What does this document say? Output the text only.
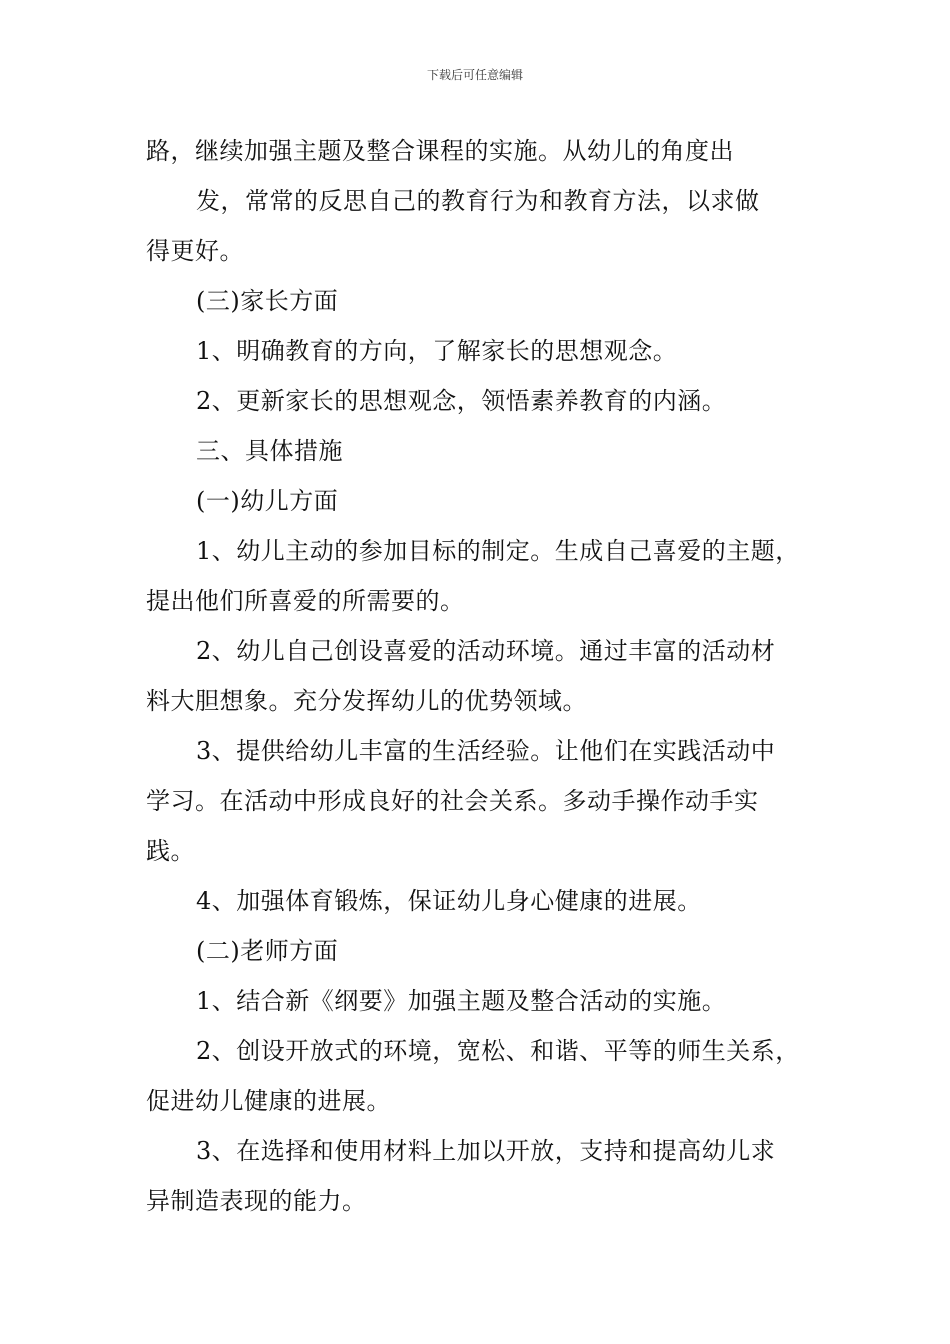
下载后可任意编辑
路，继续加强主题及整合课程的实施。从幼儿的角度出
发，常常的反思自己的教育行为和教育方法，以求做
得更好。
(三)家长方面
1、明确教育的方向，了解家长的思想观念。
2、更新家长的思想观念，领悟素养教育的内涵。
三、具体措施
(一)幼儿方面
1、幼儿主动的参加目标的制定。生成自己喜爱的主题，
提出他们所喜爱的所需要的。
2、幼儿自己创设喜爱的活动环境。通过丰富的活动材
料大胆想象。充分发挥幼儿的优势领域。
3、提供给幼儿丰富的生活经验。让他们在实践活动中
学习。在活动中形成良好的社会关系。多动手操作动手实
践。
4、加强体育锻炼，保证幼儿身心健康的进展。
(二)老师方面
1、结合新《纲要》加强主题及整合活动的实施。
2、创设开放式的环境，宽松、和谐、平等的师生关系，
促进幼儿健康的进展。
3、在选择和使用材料上加以开放，支持和提高幼儿求
异制造表现的能力。
